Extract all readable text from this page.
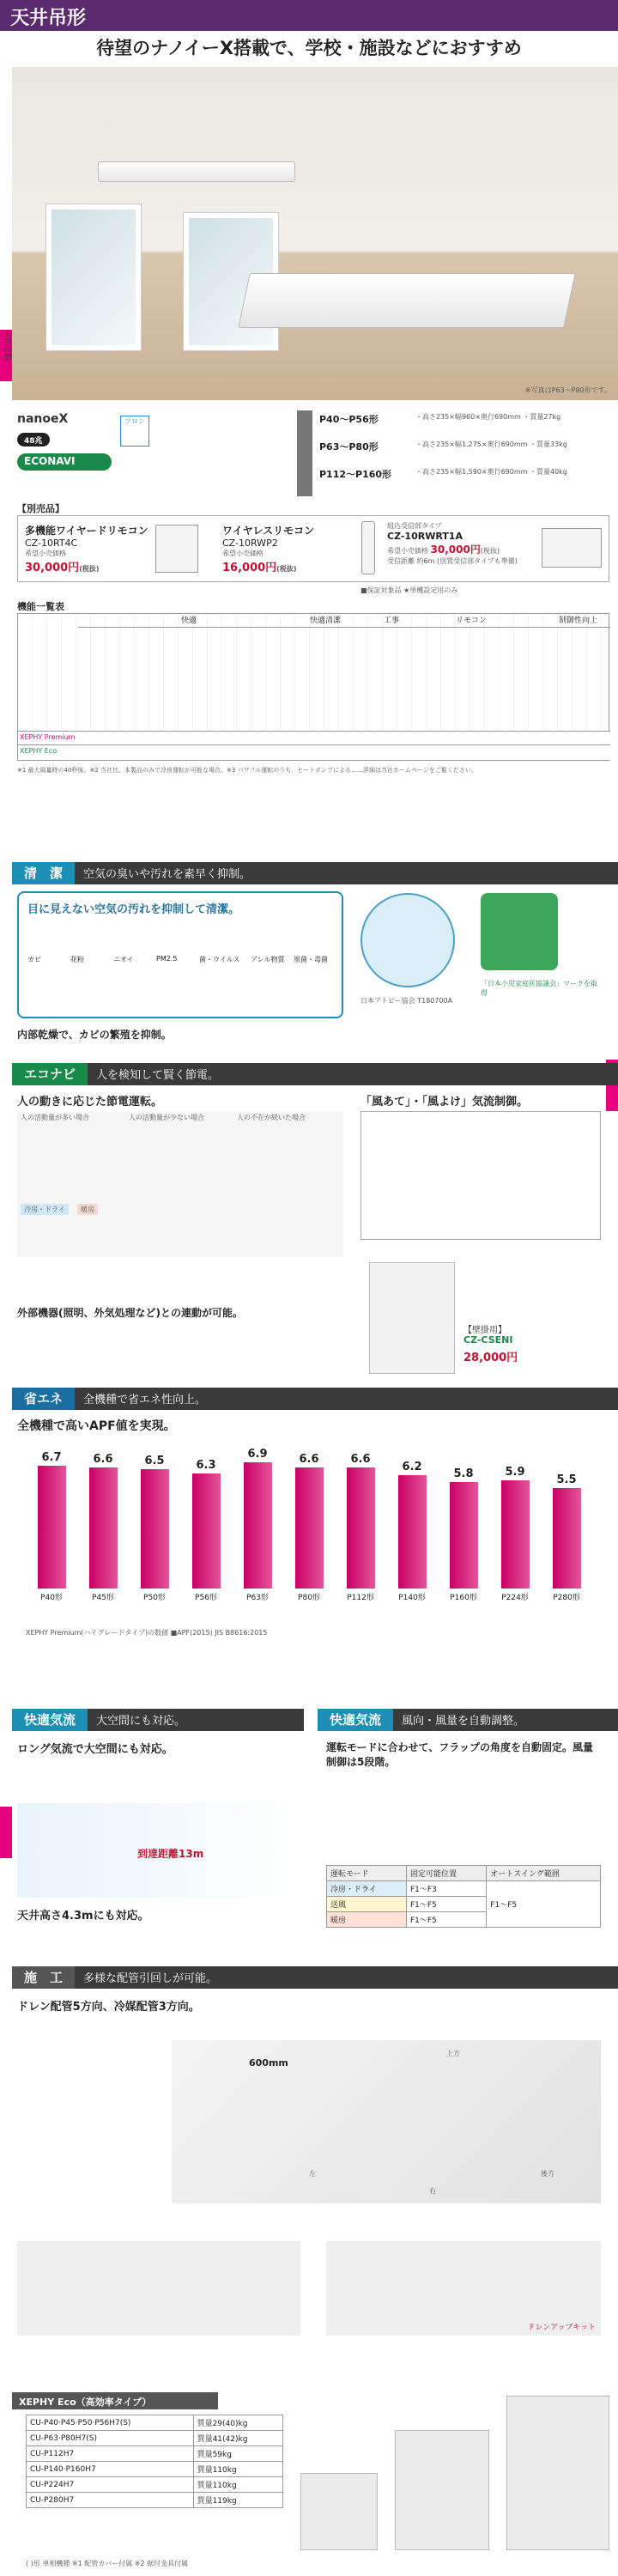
天井吊形
待望のナノイーX搭載で、学校・施設などにおすすめ
天井吊形
※写真はP63〜P80形です。
nanoeX
48兆
フロン
ECONAVI
P40〜P56形	・高さ235×幅960×奥行690mm ・質量27kg
P63〜P80形	・高さ235×幅1,275×奥行690mm ・質量33kg
P112〜P160形	・高さ235×幅1,590×奥行690mm ・質量40kg
【別売品】
多機能ワイヤードリモコン
CZ-10RT4C
希望小売価格
30,000円(税抜)
ワイヤレスリモコン
CZ-10RWP2
希望小売価格
16,000円(税抜)
組込受信部タイプ
CZ-10RWRT1A
希望小売価格 30,000円(税抜)
受信距離 約6m (別置受信部タイプも準備)
■保証対象品 ★単機設定用のみ
機能一覧表
快適	快適清潔	工事	リモコン	制御性向上
XEPHY Premium
XEPHY Eco
※1 最大風量時の40秒後。※2 当社比。本製品のみで冷房運転が可能な場合。※3 パワフル運転のうち、ヒートポンプによる……詳細は当社ホームページをご覧ください。
清　潔 空気の臭いや汚れを素早く抑制。
目に見えない空気の汚れを抑制して清潔。
カビ	花粉	ニオイ	PM2.5	菌・ウイルス アレル物質 黒菌・毒菌
内部乾燥で、カビの繁殖を抑制。
日本アトピー協会 T180700A
「日本小児家庭医協議会」マークを取得
エコナビ 人を検知して賢く節電。
人の動きに応じた節電運転。
人の活動量が多い場合	人の活動量が少ない場合	人の不在が続いた場合
冷房・ドライ	暖房
外部機器(照明、外気処理など)との連動が可能。
「風あて」・「風よけ」気流制御。
【壁掛用】
CZ-CSENI
28,000円
省エネ 全機種で省エネ性向上。
全機種で高いAPF値を実現。
6.7
P40形
6.6
P45形
6.5
P50形
6.3
P56形
6.9
P63形
6.6
P80形
6.6
P112形
6.2
P140形
5.8
P160形
5.9
P224形
5.5
P280形
XEPHY Premium(ハイグレードタイプ)の数値 ■APF(2015) JIS B8616:2015
快適気流 大空間にも対応。	快適気流 風向・風量を自動調整。
ロング気流で大空間にも対応。
到達距離13m
天井高さ4.3mにも対応。
運転モードに合わせて、フラップの角度を自動固定。風量制御は5段階。
運転モード	固定可能位置	オートスイング範囲
冷房・ドライ	F1〜F3	F1〜F5
送風	F1〜F5	
暖房	F1〜F5	
施　工 多様な配管引回しが可能。
ドレン配管5方向、冷媒配管3方向。
600mm
上方
左
右
後方
ドレンアップキット
XEPHY Eco（高効率タイプ）
CU-P40·P45·P50·P56H7(S)	質量29(40)kg
CU-P63·P80H7(S)	質量41(42)kg
CU-P112H7	質量59kg
CU-P140·P160H7	質量110kg
CU-P224H7	質量110kg
CU-P280H7	質量119kg
( )形 単相機種 ※1 配管カバー付属 ※2 据付金具付属
